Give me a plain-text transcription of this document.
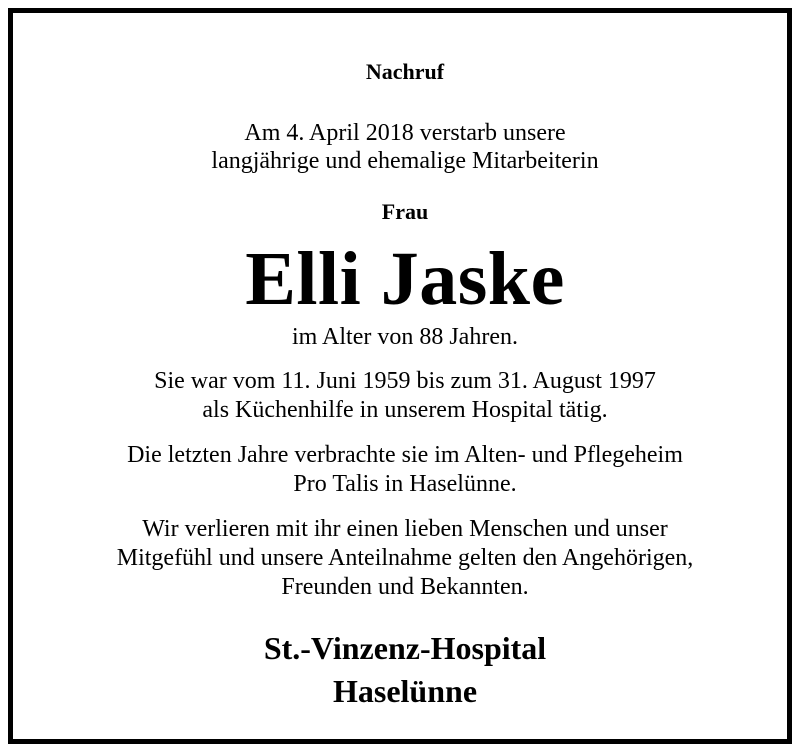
Nachruf
Am 4. April 2018 verstarb unsere
langjährige und ehemalige Mitarbeiterin
Frau
Elli Jaske
im Alter von 88 Jahren.
Sie war vom 11. Juni 1959 bis zum 31. August 1997
als Küchenhilfe in unserem Hospital tätig.
Die letzten Jahre verbrachte sie im Alten- und Pflegeheim
Pro Talis in Haselünne.
Wir verlieren mit ihr einen lieben Menschen und unser
Mitgefühl und unsere Anteilnahme gelten den Angehörigen,
Freunden und Bekannten.
St.-Vinzenz-Hospital
Haselünne
